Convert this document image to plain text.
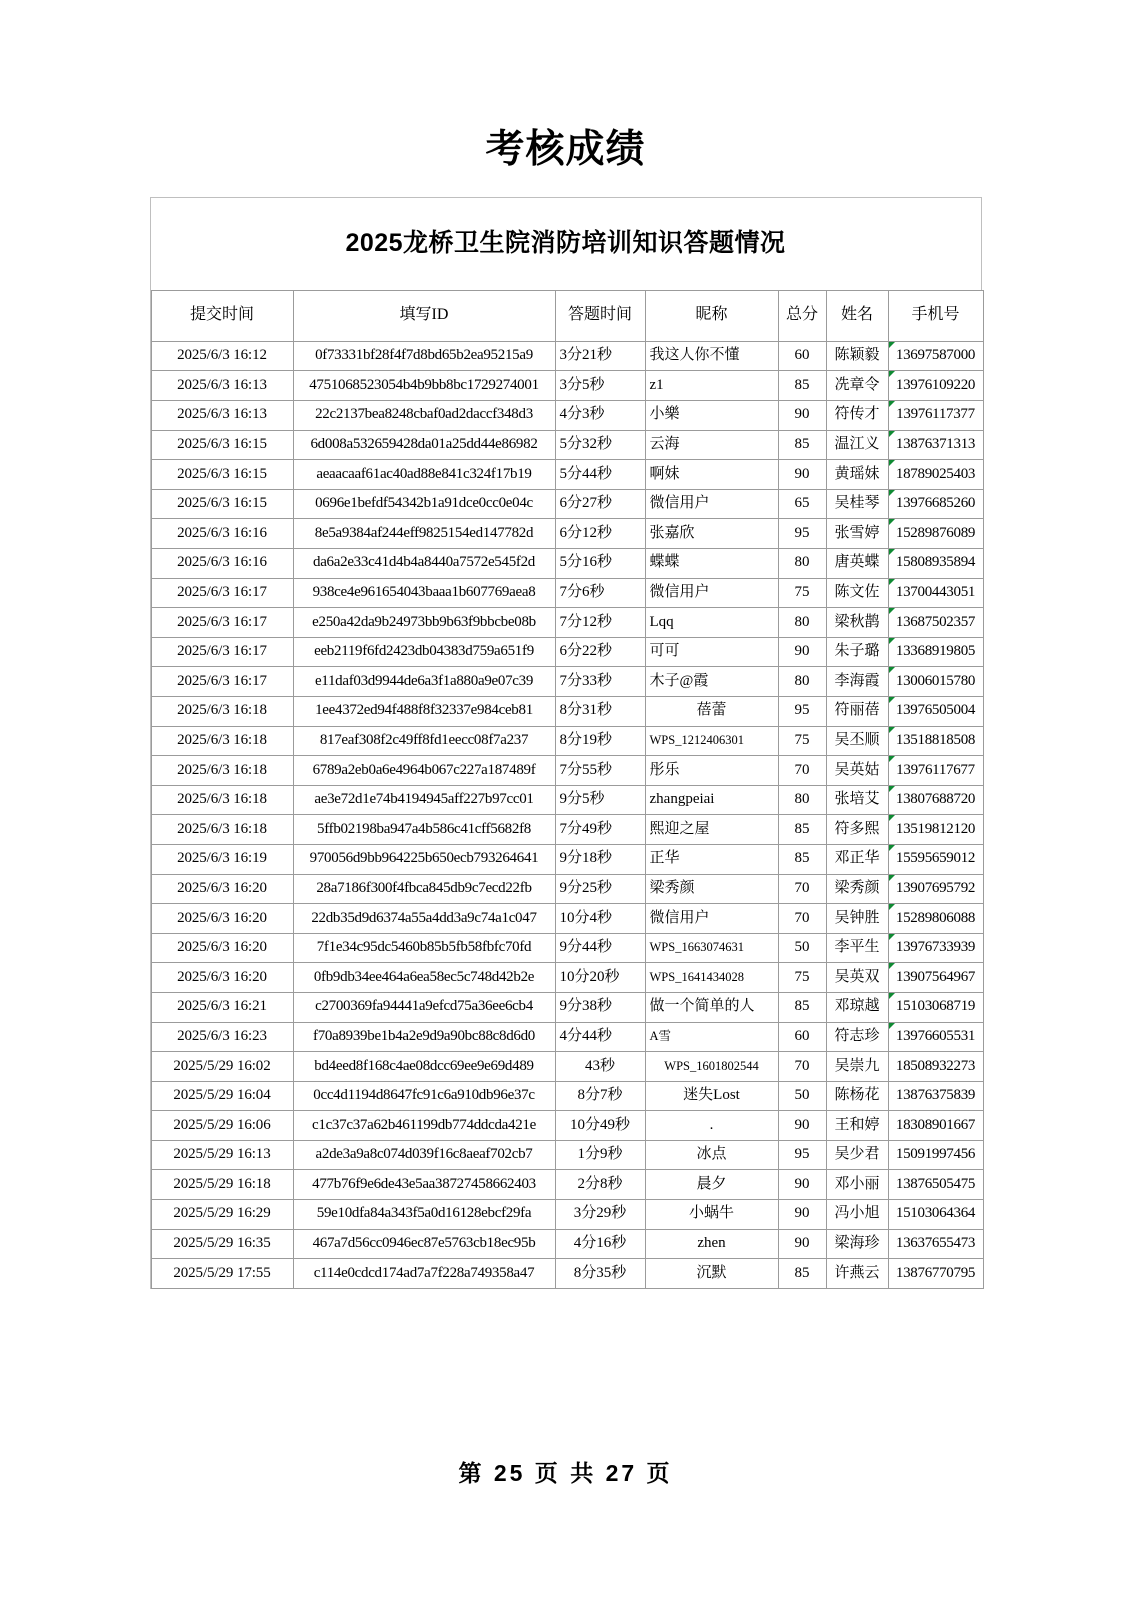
考核成绩
2025龙桥卫生院消防培训知识答题情况
提交时间	填写ID	答题时间	昵称	总分	姓名	手机号
2025/6/3 16:12	0f73331bf28f4f7d8bd65b2ea95215a9	3分21秒	我这人你不懂	60	陈颖毅	13697587000
2025/6/3 16:13	4751068523054b4b9bb8bc1729274001	3分5秒	z1	85	冼章令	13976109220
2025/6/3 16:13	22c2137bea8248cbaf0ad2daccf348d3	4分3秒	小樂	90	符传才	13976117377
2025/6/3 16:15	6d008a532659428da01a25dd44e86982	5分32秒	云海	85	温江义	13876371313
2025/6/3 16:15	aeaacaaf61ac40ad88e841c324f17b19	5分44秒	啊妹	90	黄瑶妹	18789025403
2025/6/3 16:15	0696e1befdf54342b1a91dce0cc0e04c	6分27秒	微信用户	65	吴桂琴	13976685260
2025/6/3 16:16	8e5a9384af244eff9825154ed147782d	6分12秒	张嘉欣	95	张雪婷	15289876089
2025/6/3 16:16	da6a2e33c41d4b4a8440a7572e545f2d	5分16秒	蝶蝶	80	唐英蝶	15808935894
2025/6/3 16:17	938ce4e961654043baaa1b607769aea8	7分6秒	微信用户	75	陈文佐	13700443051
2025/6/3 16:17	e250a42da9b24973bb9b63f9bbcbe08b	7分12秒	Lqq	80	梁秋鹊	13687502357
2025/6/3 16:17	eeb2119f6fd2423db04383d759a651f9	6分22秒	可可	90	朱子璐	13368919805
2025/6/3 16:17	e11daf03d9944de6a3f1a880a9e07c39	7分33秒	木子@霞	80	李海霞	13006015780
2025/6/3 16:18	1ee4372ed94f488f8f32337e984ceb81	8分31秒	蓓蕾	95	符丽蓓	13976505004
2025/6/3 16:18	817eaf308f2c49ff8fd1eecc08f7a237	8分19秒	WPS_1212406301	75	吴丕顺	13518818508
2025/6/3 16:18	6789a2eb0a6e4964b067c227a187489f	7分55秒	彤乐	70	吴英姑	13976117677
2025/6/3 16:18	ae3e72d1e74b4194945aff227b97cc01	9分5秒	zhangpeiai	80	张培艾	13807688720
2025/6/3 16:18	5ffb02198ba947a4b586c41cff5682f8	7分49秒	熙迎之屋	85	符多熙	13519812120
2025/6/3 16:19	970056d9bb964225b650ecb793264641	9分18秒	正华	85	邓正华	15595659012
2025/6/3 16:20	28a7186f300f4fbca845db9c7ecd22fb	9分25秒	梁秀颜	70	梁秀颜	13907695792
2025/6/3 16:20	22db35d9d6374a55a4dd3a9c74a1c047	10分4秒	微信用户	70	吴钟胜	15289806088
2025/6/3 16:20	7f1e34c95dc5460b85b5fb58fbfc70fd	9分44秒	WPS_1663074631	50	李平生	13976733939
2025/6/3 16:20	0fb9db34ee464a6ea58ec5c748d42b2e	10分20秒	WPS_1641434028	75	吴英双	13907564967
2025/6/3 16:21	c2700369fa94441a9efcd75a36ee6cb4	9分38秒	做一个简单的人	85	邓琼越	15103068719
2025/6/3 16:23	f70a8939be1b4a2e9d9a90bc88c8d6d0	4分44秒	A雪	60	符志珍	13976605531
2025/5/29 16:02	bd4eed8f168c4ae08dcc69ee9e69d489	43秒	WPS_1601802544	70	吴崇九	18508932273
2025/5/29 16:04	0cc4d1194d8647fc91c6a910db96e37c	8分7秒	迷失Lost	50	陈杨花	13876375839
2025/5/29 16:06	c1c37c37a62b461199db774ddcda421e	10分49秒	.	90	王和婷	18308901667
2025/5/29 16:13	a2de3a9a8c074d039f16c8aeaf702cb7	1分9秒	冰点	95	吴少君	15091997456
2025/5/29 16:18	477b76f9e6de43e5aa38727458662403	2分8秒	晨夕	90	邓小丽	13876505475
2025/5/29 16:29	59e10dfa84a343f5a0d16128ebcf29fa	3分29秒	小蜗牛	90	冯小旭	15103064364
2025/5/29 16:35	467a7d56cc0946ec87e5763cb18ec95b	4分16秒	zhen	90	梁海珍	13637655473
2025/5/29 17:55	c114e0cdcd174ad7a7f228a749358a47	8分35秒	沉默	85	许燕云	13876770795
第 25 页 共 27 页
